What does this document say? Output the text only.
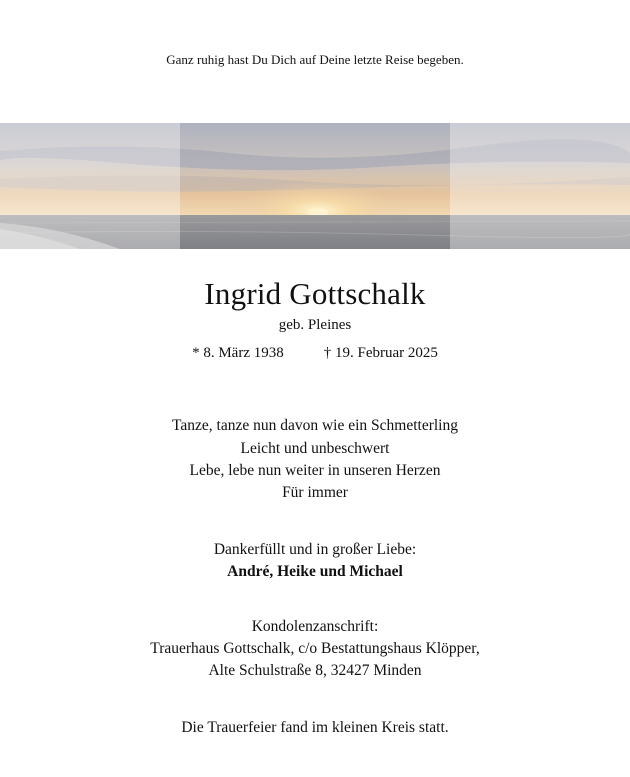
Ganz ruhig hast Du Dich auf Deine letzte Reise begeben.
Ingrid Gottschalk
geb. Pleines
* 8. März 1938	† 19. Februar 2025
Tanze, tanze nun davon wie ein Schmetterling
Leicht und unbeschwert
Lebe, lebe nun weiter in unseren Herzen
Für immer
Dankerfüllt und in großer Liebe:
André, Heike und Michael
Kondolenzanschrift:
Trauerhaus Gottschalk, c/o Bestattungshaus Klöpper,
Alte Schulstraße 8, 32427 Minden
Die Trauerfeier fand im kleinen Kreis statt.
